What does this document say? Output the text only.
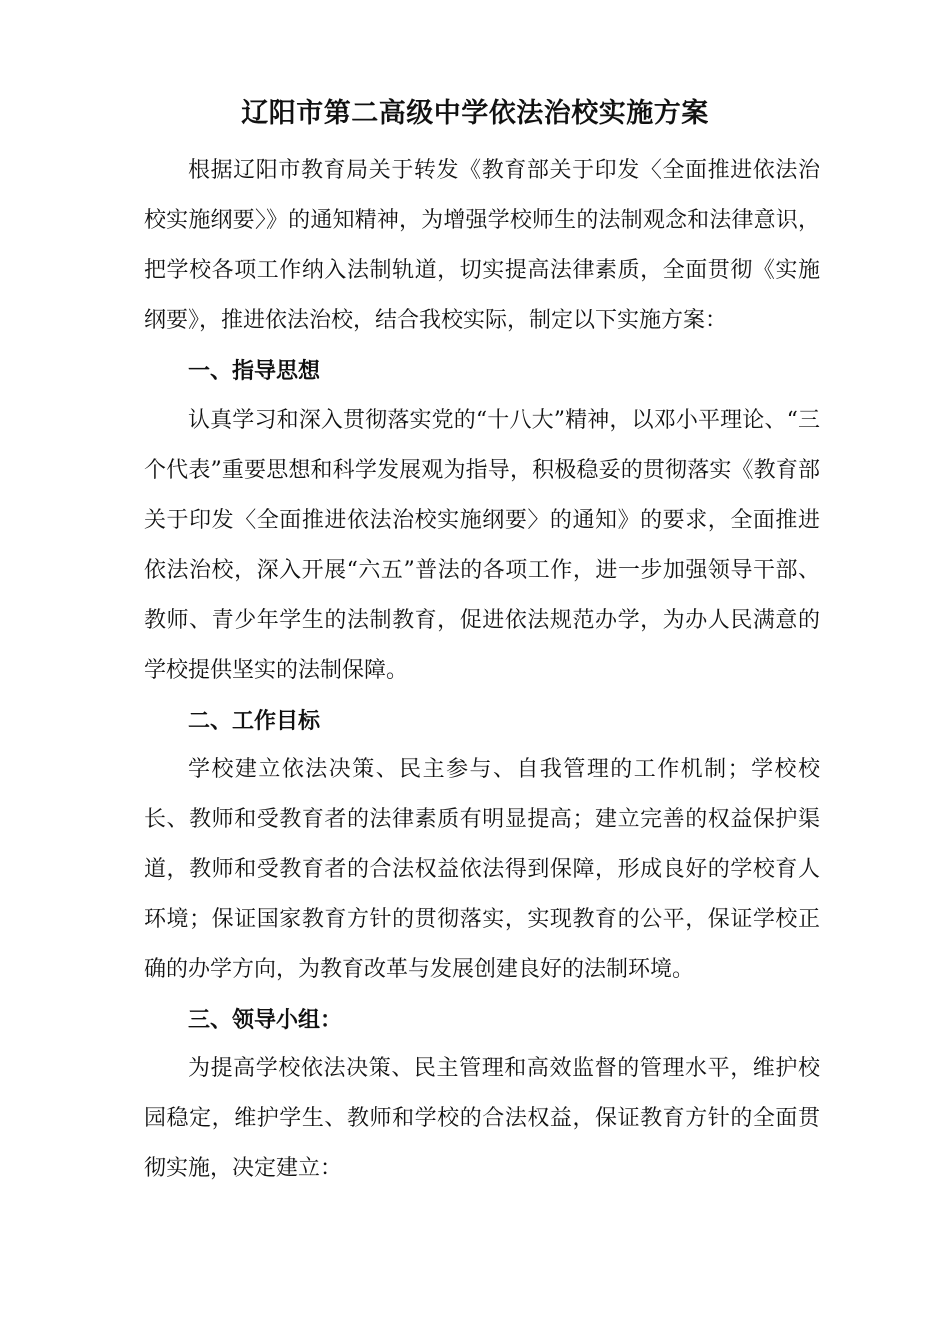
辽阳市第二高级中学依法治校实施方案

根据辽阳市教育局关于转发《教育部关于印发〈全面推进依法治校实施纲要〉》的通知精神，为增强学校师生的法制观念和法律意识，把学校各项工作纳入法制轨道，切实提高法律素质，全面贯彻《实施纲要》，推进依法治校，结合我校实际，制定以下实施方案：

一、指导思想

认真学习和深入贯彻落实党的“十八大”精神，以邓小平理论、“三个代表”重要思想和科学发展观为指导，积极稳妥的贯彻落实《教育部关于印发〈全面推进依法治校实施纲要〉的通知》的要求，全面推进依法治校，深入开展“六五”普法的各项工作，进一步加强领导干部、教师、青少年学生的法制教育，促进依法规范办学，为办人民满意的学校提供坚实的法制保障。

二、工作目标

学校建立依法决策、民主参与、自我管理的工作机制；学校校长、教师和受教育者的法律素质有明显提高；建立完善的权益保护渠道，教师和受教育者的合法权益依法得到保障，形成良好的学校育人环境；保证国家教育方针的贯彻落实，实现教育的公平，保证学校正确的办学方向，为教育改革与发展创建良好的法制环境。

三、领导小组：

为提高学校依法决策、民主管理和高效监督的管理水平，维护校园稳定，维护学生、教师和学校的合法权益，保证教育方针的全面贯彻实施，决定建立：
